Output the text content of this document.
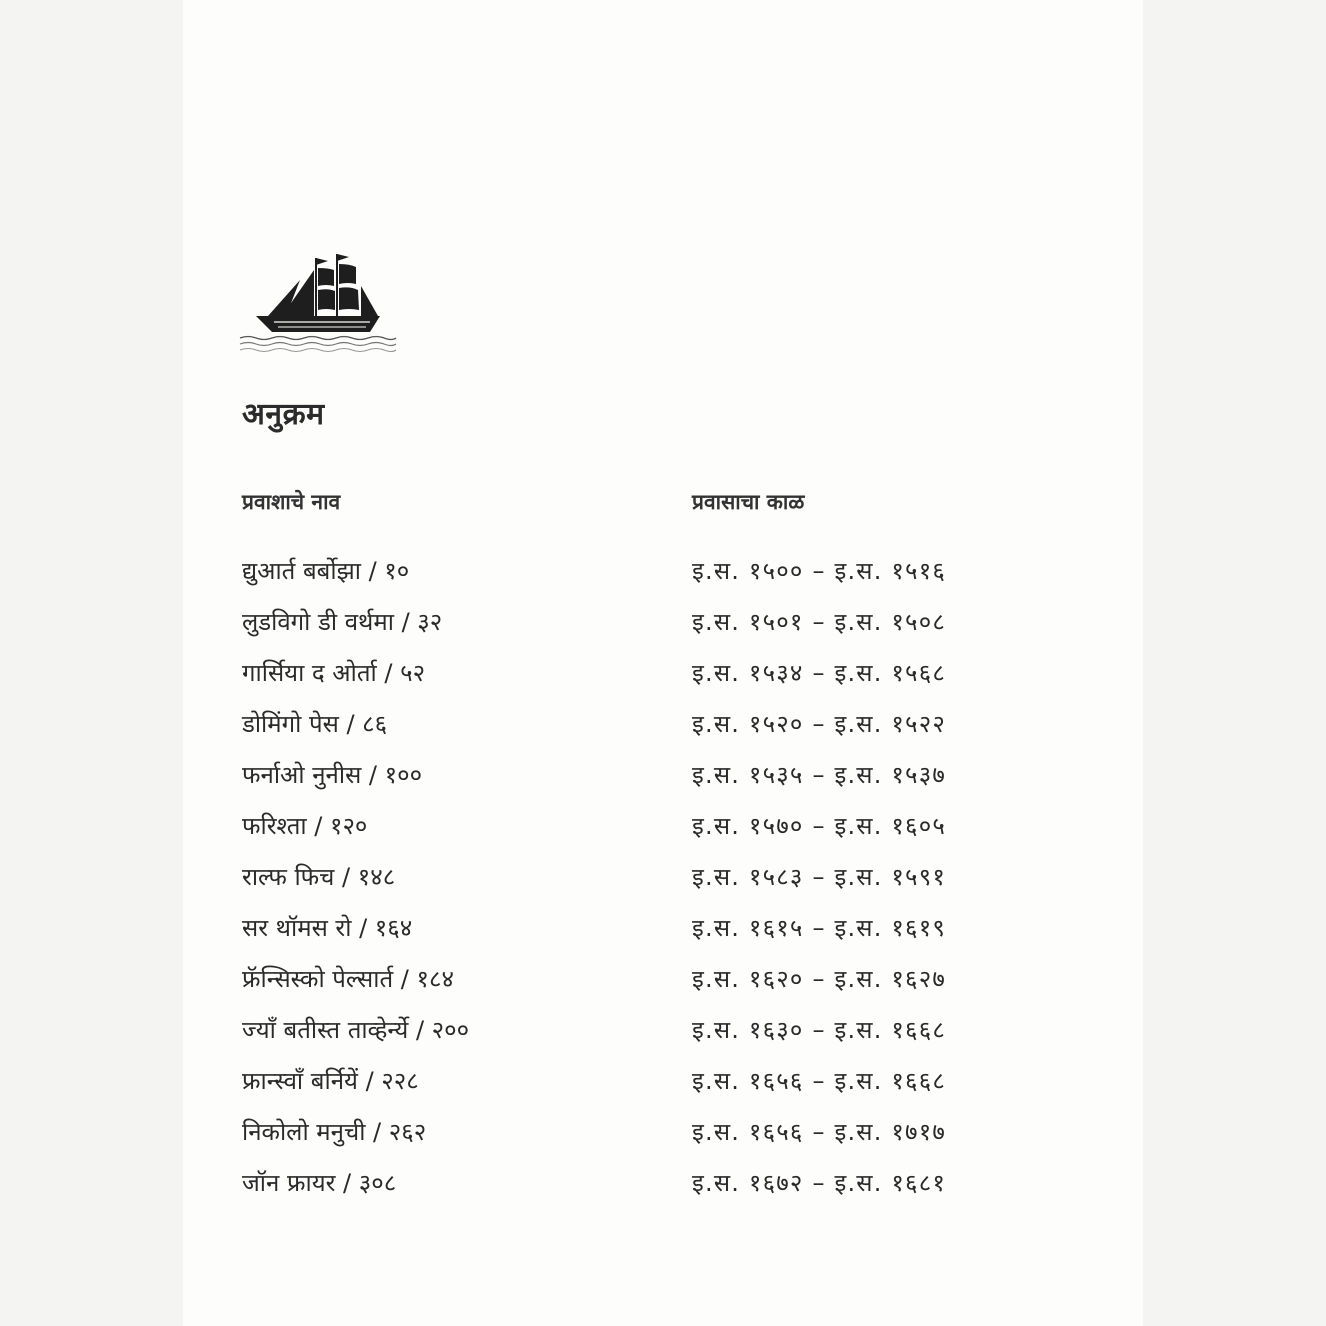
अनुक्रम
प्रवाशाचे नाव	प्रवासाचा काळ
द्युआर्त बर्बोझा / १०	इ.स. १५०० – इ.स. १५१६
लुडविगो डी वर्थमा / ३२	इ.स. १५०१ – इ.स. १५०८
गार्सिया द ओर्ता / ५२	इ.स. १५३४ – इ.स. १५६८
डोमिंगो पेस / ८६	इ.स. १५२० – इ.स. १५२२
फर्नाओ नुनीस / १००	इ.स. १५३५ – इ.स. १५३७
फरिश्ता / १२०	इ.स. १५७० – इ.स. १६०५
राल्फ फिच / १४८	इ.स. १५८३ – इ.स. १५९१
सर थॉमस रो / १६४	इ.स. १६१५ – इ.स. १६१९
फ्रॅन्सिस्को पेल्सार्त / १८४	इ.स. १६२० – इ.स. १६२७
ज्याँ बतीस्त ताव्हेर्न्ये / २००	इ.स. १६३० – इ.स. १६६८
फ्रान्स्वाँ बर्नियें / २२८	इ.स. १६५६ – इ.स. १६६८
निकोलो मनुची / २६२	इ.स. १६५६ – इ.स. १७१७
जॉन फ्रायर / ३०८	इ.स. १६७२ – इ.स. १६८१
